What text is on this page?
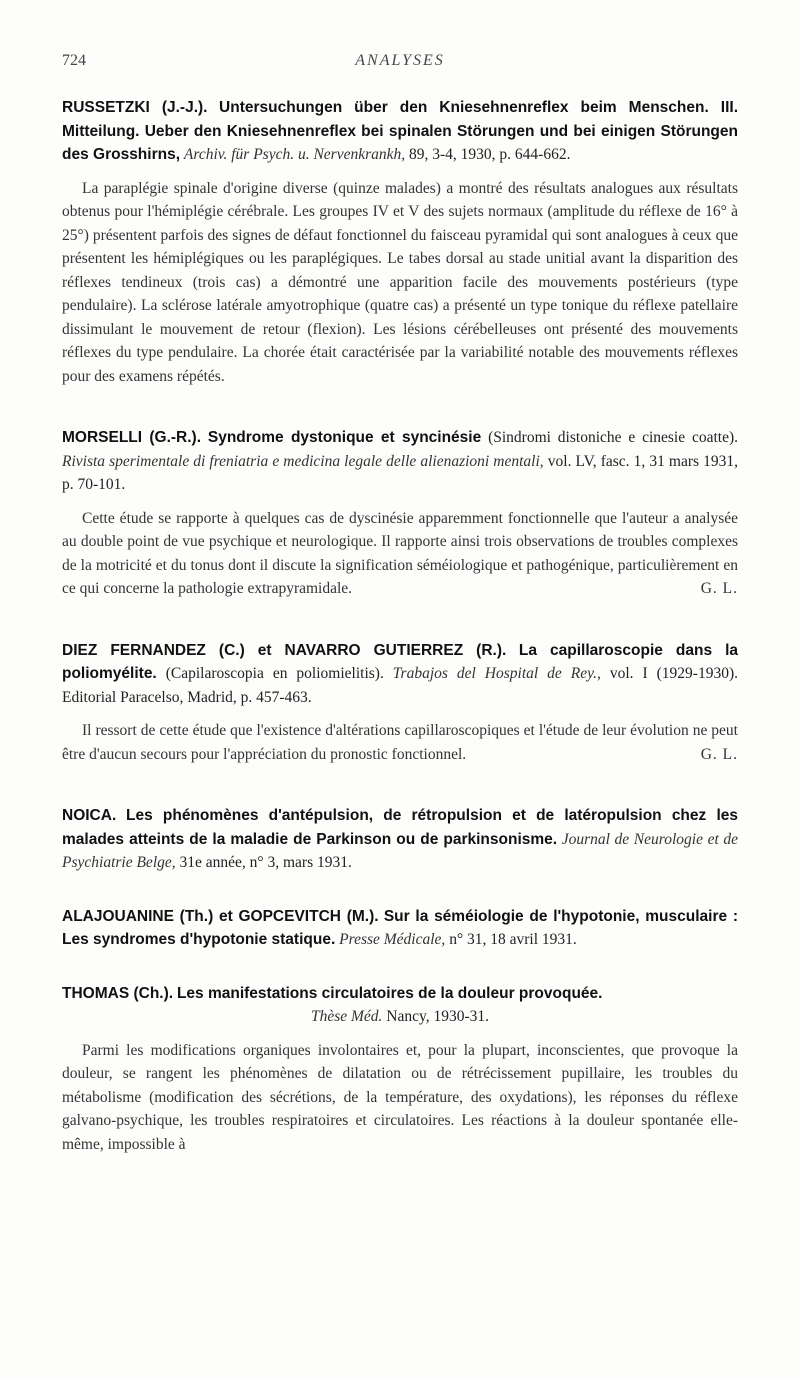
724	ANALYSES
RUSSETZKI (J.-J.). Untersuchungen über den Kniesehnenreflex beim Menschen. III. Mitteilung. Ueber den Kniesehnenreflex bei spinalen Störungen und bei einigen Störungen des Grosshirns, Archiv. für Psych. u. Nervenkrankh, 89, 3-4, 1930, p. 644-662.
La paraplégie spinale d'origine diverse (quinze malades) a montré des résultats analogues aux résultats obtenus pour l'hémiplégie cérébrale. Les groupes IV et V des sujets normaux (amplitude du réflexe de 16° à 25°) présentent parfois des signes de défaut fonctionnel du faisceau pyramidal qui sont analogues à ceux que présentent les hémiplégiques ou les paraplégiques. Le tabes dorsal au stade unitial avant la disparition des réflexes tendineux (trois cas) a démontré une apparition facile des mouvements postérieurs (type pendulaire). La sclérose latérale amyotrophique (quatre cas) a présenté un type tonique du réflexe patellaire dissimulant le mouvement de retour (flexion). Les lésions cérébelleuses ont présenté des mouvements réflexes du type pendulaire. La chorée était caractérisée par la variabilité notable des mouvements réflexes pour des examens répétés.
MORSELLI (G.-R.). Syndrome dystonique et syncinésie (Sindromi distoniche e cinesie coatte). Rivista sperimentale di freniatria e medicina legale delle alienazioni mentali, vol. LV, fasc. 1, 31 mars 1931, p. 70-101.
Cette étude se rapporte à quelques cas de dyscinésie apparemment fonctionnelle que l'auteur a analysée au double point de vue psychique et neurologique. Il rapporte ainsi trois observations de troubles complexes de la motricité et du tonus dont il discute la signification séméiologique et pathogénique, particulièrement en ce qui concerne la pathologie extrapyramidale.	G. L.
DIEZ FERNANDEZ (C.) et NAVARRO GUTIERREZ (R.). La capillaroscopie dans la poliomyélite. (Capilaroscopia en poliomielitis). Trabajos del Hospital de Rey., vol. I (1929-1930). Editorial Paracelso, Madrid, p. 457-463.
Il ressort de cette étude que l'existence d'altérations capillaroscopiques et l'étude de leur évolution ne peut être d'aucun secours pour l'appréciation du pronostic fonctionnel.	G. L.
NOICA. Les phénomènes d'antépulsion, de rétropulsion et de latéropulsion chez les malades atteints de la maladie de Parkinson ou de parkinsonisme. Journal de Neurologie et de Psychiatrie Belge, 31e année, n° 3, mars 1931.
ALAJOUANINE (Th.) et GOPCEVITCH (M.). Sur la séméiologie de l'hypotonie, musculaire : Les syndromes d'hypotonie statique. Presse Médicale, n° 31, 18 avril 1931.
THOMAS (Ch.). Les manifestations circulatoires de la douleur provoquée.
Thèse Méd. Nancy, 1930-31.
Parmi les modifications organiques involontaires et, pour la plupart, inconscientes, que provoque la douleur, se rangent les phénomènes de dilatation ou de rétrécissement pupillaire, les troubles du métabolisme (modification des sécrétions, de la température, des oxydations), les réponses du réflexe galvano-psychique, les troubles respiratoires et circulatoires. Les réactions à la douleur spontanée elle-même, impossible à
